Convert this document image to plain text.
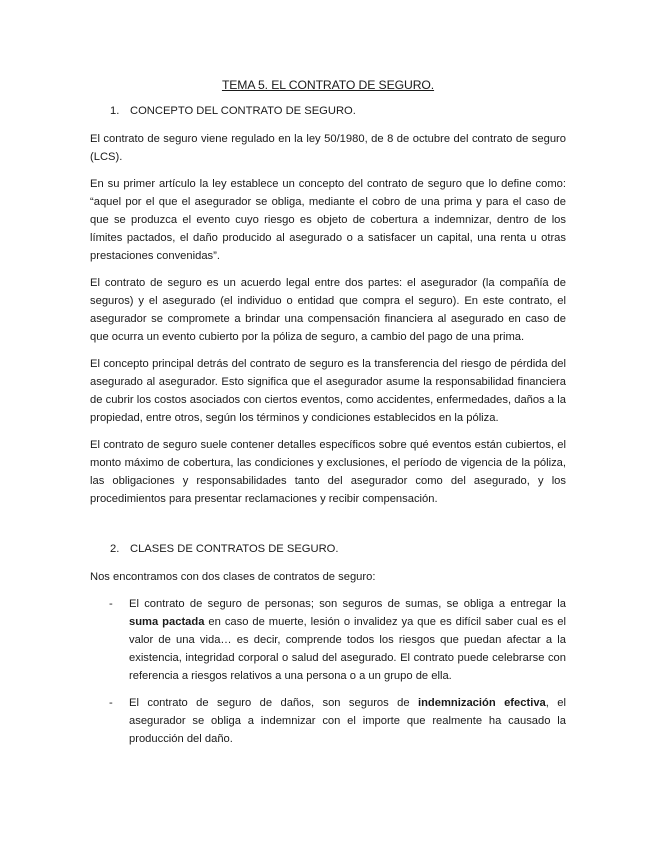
TEMA 5. EL CONTRATO DE SEGURO.
1. CONCEPTO DEL CONTRATO DE SEGURO.

El contrato de seguro viene regulado en la ley 50/1980, de 8 de octubre del contrato de seguro (LCS).

En su primer artículo la ley establece un concepto del contrato de seguro que lo define como: “aquel por el que el asegurador se obliga, mediante el cobro de una prima y para el caso de que se produzca el evento cuyo riesgo es objeto de cobertura a indemnizar, dentro de los límites pactados, el daño producido al asegurado o a satisfacer un capital, una renta u otras prestaciones convenidas”.

El contrato de seguro es un acuerdo legal entre dos partes: el asegurador (la compañía de seguros) y el asegurado (el individuo o entidad que compra el seguro). En este contrato, el asegurador se compromete a brindar una compensación financiera al asegurado en caso de que ocurra un evento cubierto por la póliza de seguro, a cambio del pago de una prima.

El concepto principal detrás del contrato de seguro es la transferencia del riesgo de pérdida del asegurado al asegurador. Esto significa que el asegurador asume la responsabilidad financiera de cubrir los costos asociados con ciertos eventos, como accidentes, enfermedades, daños a la propiedad, entre otros, según los términos y condiciones establecidos en la póliza.

El contrato de seguro suele contener detalles específicos sobre qué eventos están cubiertos, el monto máximo de cobertura, las condiciones y exclusiones, el período de vigencia de la póliza, las obligaciones y responsabilidades tanto del asegurador como del asegurado, y los procedimientos para presentar reclamaciones y recibir compensación.

2. CLASES DE CONTRATOS DE SEGURO.

Nos encontramos con dos clases de contratos de seguro:

- El contrato de seguro de personas; son seguros de sumas, se obliga a entregar la suma pactada en caso de muerte, lesión o invalidez ya que es difícil saber cual es el valor de una vida… es decir, comprende todos los riesgos que puedan afectar a la existencia, integridad corporal o salud del asegurado. El contrato puede celebrarse con referencia a riesgos relativos a una persona o a un grupo de ella.
- El contrato de seguro de daños, son seguros de indemnización efectiva, el asegurador se obliga a indemnizar con el importe que realmente ha causado la producción del daño.
